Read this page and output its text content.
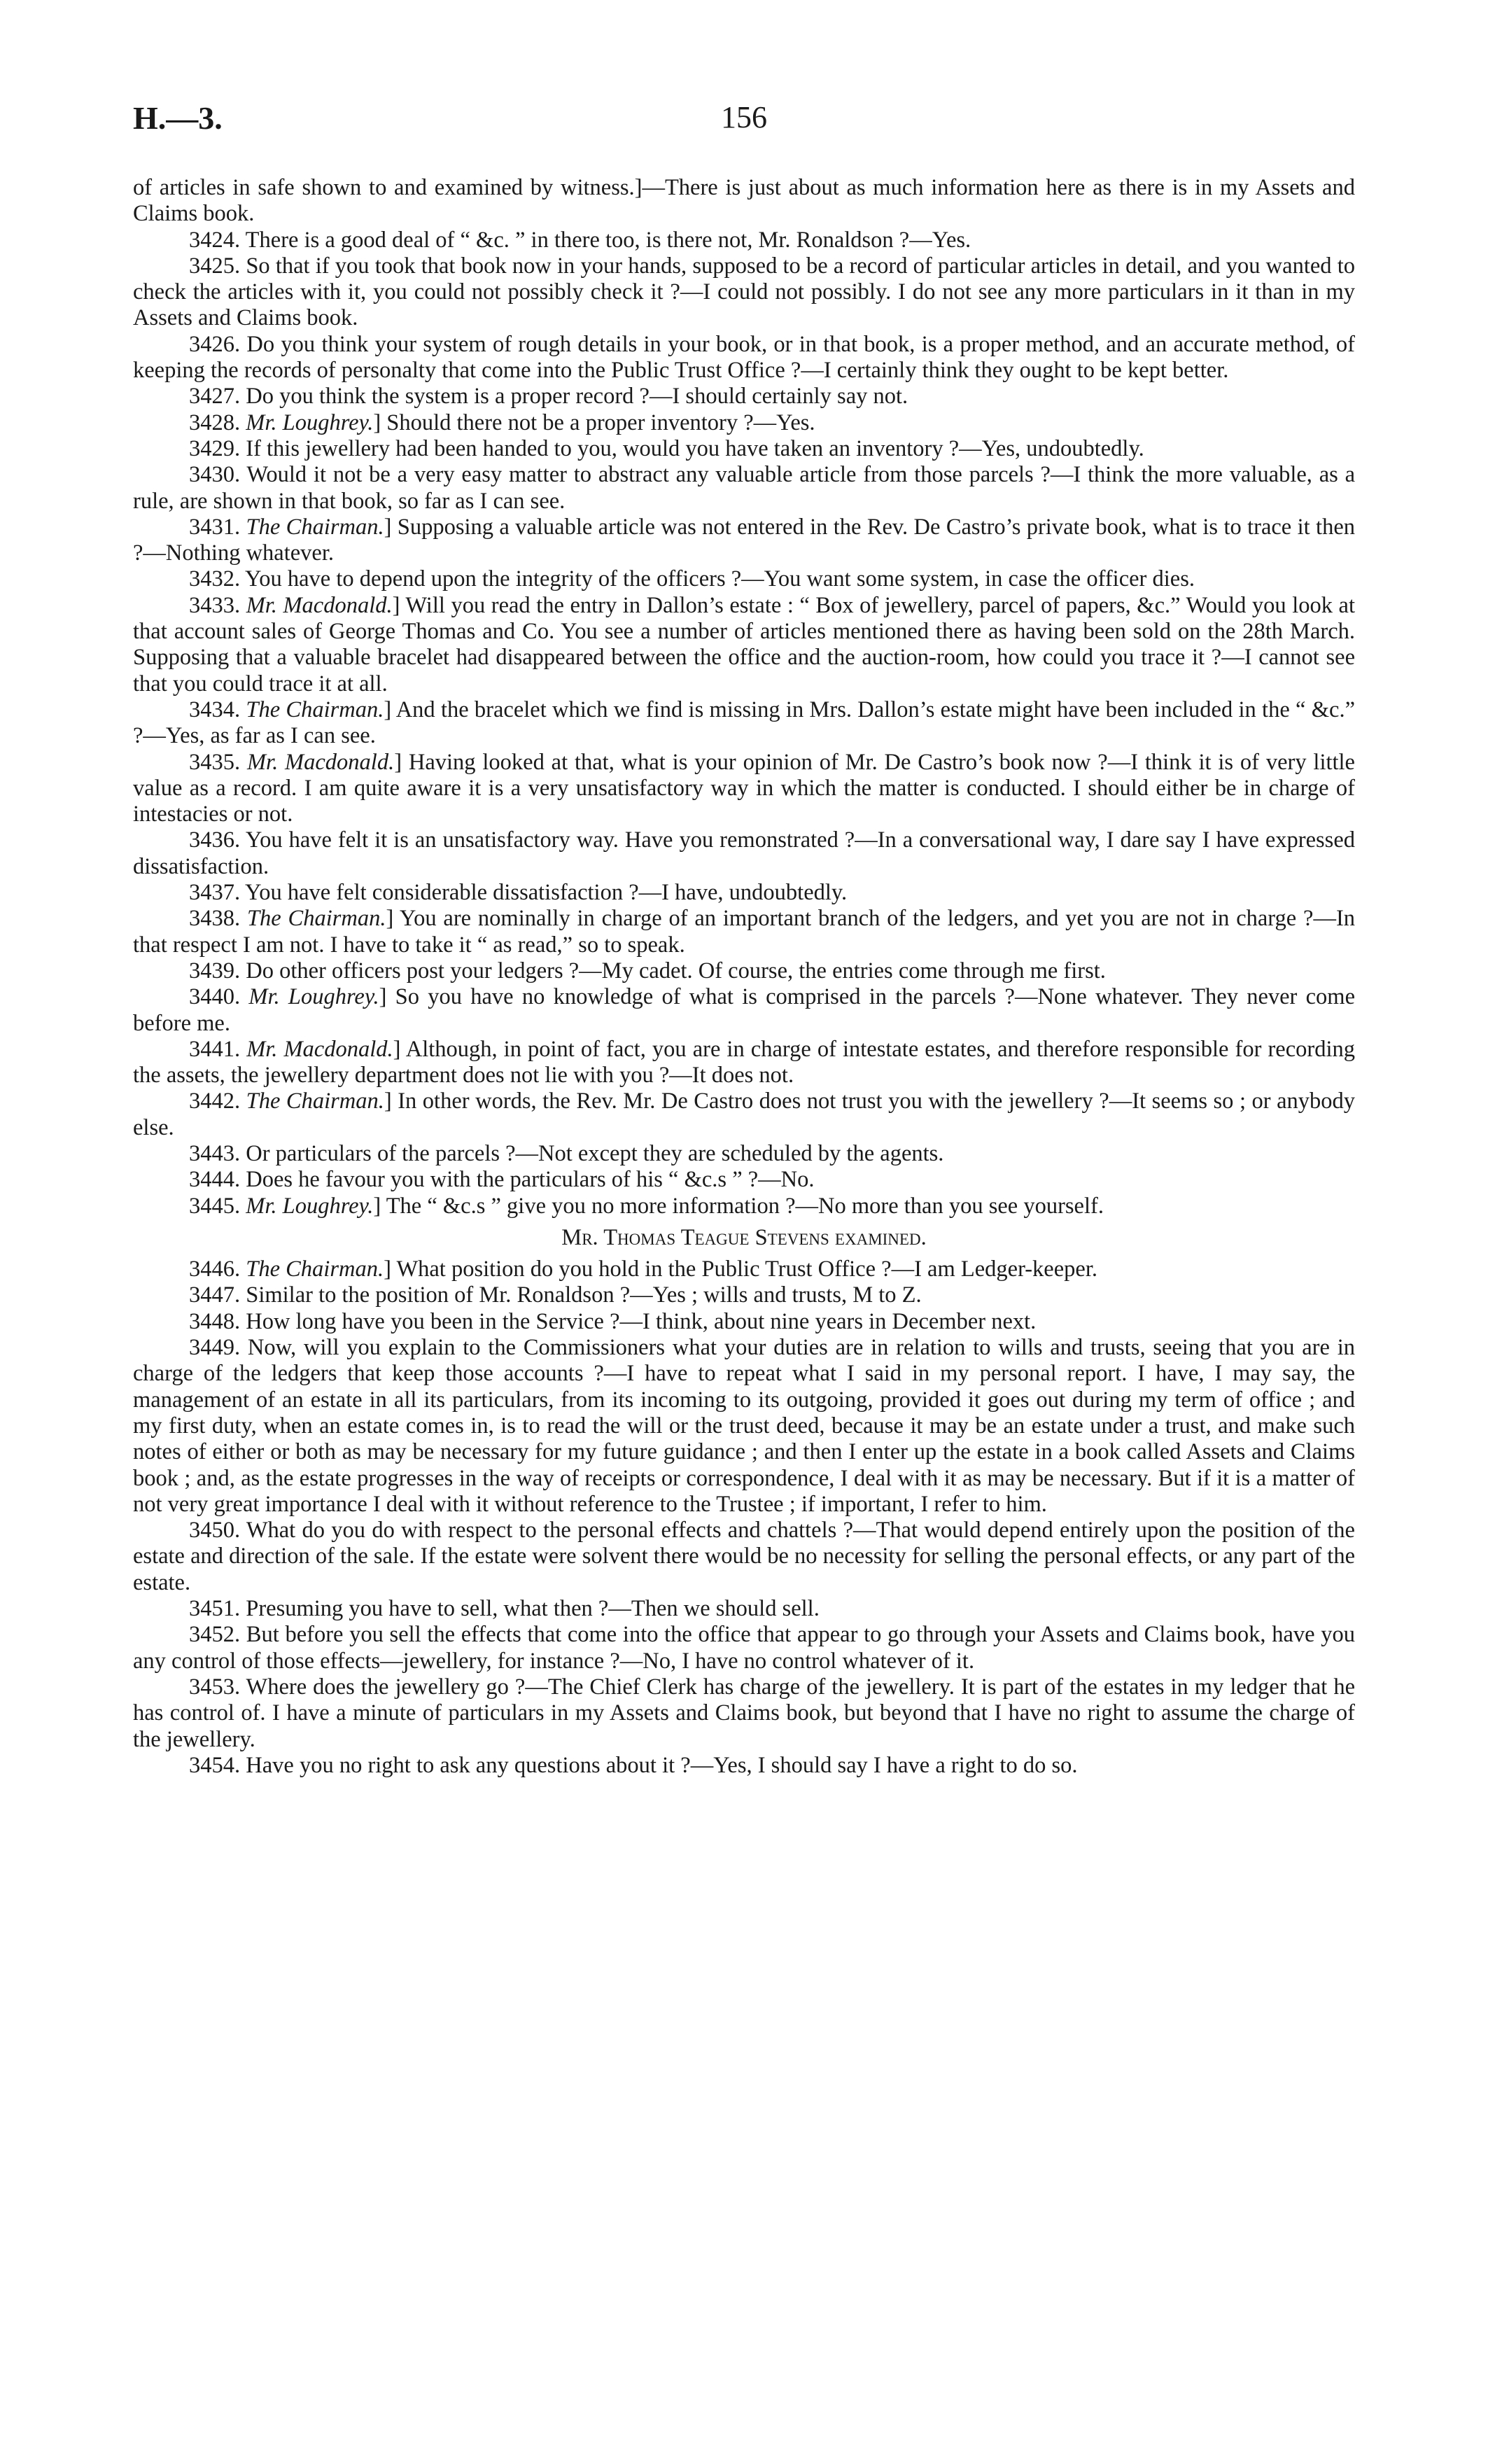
H.—3.	156

of articles in safe shown to and examined by witness.]—There is just about as much information here as there is in my Assets and Claims book.

3424. There is a good deal of “ &c. ” in there too, is there not, Mr. Ronaldson ?—Yes.

3425. So that if you took that book now in your hands, supposed to be a record of particular articles in detail, and you wanted to check the articles with it, you could not possibly check it ?—I could not possibly. I do not see any more particulars in it than in my Assets and Claims book.

3426. Do you think your system of rough details in your book, or in that book, is a proper method, and an accurate method, of keeping the records of personalty that come into the Public Trust Office ?—I certainly think they ought to be kept better.

3427. Do you think the system is a proper record ?—I should certainly say not.

3428. Mr. Loughrey.] Should there not be a proper inventory ?—Yes.

3429. If this jewellery had been handed to you, would you have taken an inventory ?—Yes, undoubtedly.

3430. Would it not be a very easy matter to abstract any valuable article from those parcels ?—I think the more valuable, as a rule, are shown in that book, so far as I can see.

3431. The Chairman.] Supposing a valuable article was not entered in the Rev. De Castro’s private book, what is to trace it then ?—Nothing whatever.

3432. You have to depend upon the integrity of the officers ?—You want some system, in case the officer dies.

3433. Mr. Macdonald.] Will you read the entry in Dallon’s estate : “ Box of jewellery, parcel of papers, &c.” Would you look at that account sales of George Thomas and Co. You see a number of articles mentioned there as having been sold on the 28th March. Supposing that a valuable bracelet had disappeared between the office and the auction-room, how could you trace it ?—I cannot see that you could trace it at all.

3434. The Chairman.] And the bracelet which we find is missing in Mrs. Dallon’s estate might have been included in the “ &c.” ?—Yes, as far as I can see.

3435. Mr. Macdonald.] Having looked at that, what is your opinion of Mr. De Castro’s book now ?—I think it is of very little value as a record. I am quite aware it is a very unsatisfactory way in which the matter is conducted. I should either be in charge of intestacies or not.

3436. You have felt it is an unsatisfactory way. Have you remonstrated ?—In a conversational way, I dare say I have expressed dissatisfaction.

3437. You have felt considerable dissatisfaction ?—I have, undoubtedly.

3438. The Chairman.] You are nominally in charge of an important branch of the ledgers, and yet you are not in charge ?—In that respect I am not. I have to take it “ as read,” so to speak.

3439. Do other officers post your ledgers ?—My cadet. Of course, the entries come through me first.

3440. Mr. Loughrey.] So you have no knowledge of what is comprised in the parcels ?—None whatever. They never come before me.

3441. Mr. Macdonald.] Although, in point of fact, you are in charge of intestate estates, and therefore responsible for recording the assets, the jewellery department does not lie with you ?—It does not.

3442. The Chairman.] In other words, the Rev. Mr. De Castro does not trust you with the jewellery ?—It seems so ; or anybody else.

3443. Or particulars of the parcels ?—Not except they are scheduled by the agents.

3444. Does he favour you with the particulars of his “ &c.s ” ?—No.

3445. Mr. Loughrey.] The “ &c.s ” give you no more information ?—No more than you see yourself.

Mr. Thomas Teague Stevens examined.

3446. The Chairman.] What position do you hold in the Public Trust Office ?—I am Ledger-keeper.

3447. Similar to the position of Mr. Ronaldson ?—Yes ; wills and trusts, M to Z.

3448. How long have you been in the Service ?—I think, about nine years in December next.

3449. Now, will you explain to the Commissioners what your duties are in relation to wills and trusts, seeing that you are in charge of the ledgers that keep those accounts ?—I have to repeat what I said in my personal report. I have, I may say, the management of an estate in all its particulars, from its incoming to its outgoing, provided it goes out during my term of office ; and my first duty, when an estate comes in, is to read the will or the trust deed, because it may be an estate under a trust, and make such notes of either or both as may be necessary for my future guidance ; and then I enter up the estate in a book called Assets and Claims book ; and, as the estate progresses in the way of receipts or correspondence, I deal with it as may be necessary. But if it is a matter of not very great importance I deal with it without reference to the Trustee ; if important, I refer to him.

3450. What do you do with respect to the personal effects and chattels ?—That would depend entirely upon the position of the estate and direction of the sale. If the estate were solvent there would be no necessity for selling the personal effects, or any part of the estate.

3451. Presuming you have to sell, what then ?—Then we should sell.

3452. But before you sell the effects that come into the office that appear to go through your Assets and Claims book, have you any control of those effects—jewellery, for instance ?—No, I have no control whatever of it.

3453. Where does the jewellery go ?—The Chief Clerk has charge of the jewellery. It is part of the estates in my ledger that he has control of. I have a minute of particulars in my Assets and Claims book, but beyond that I have no right to assume the charge of the jewellery.

3454. Have you no right to ask any questions about it ?—Yes, I should say I have a right to do so.
